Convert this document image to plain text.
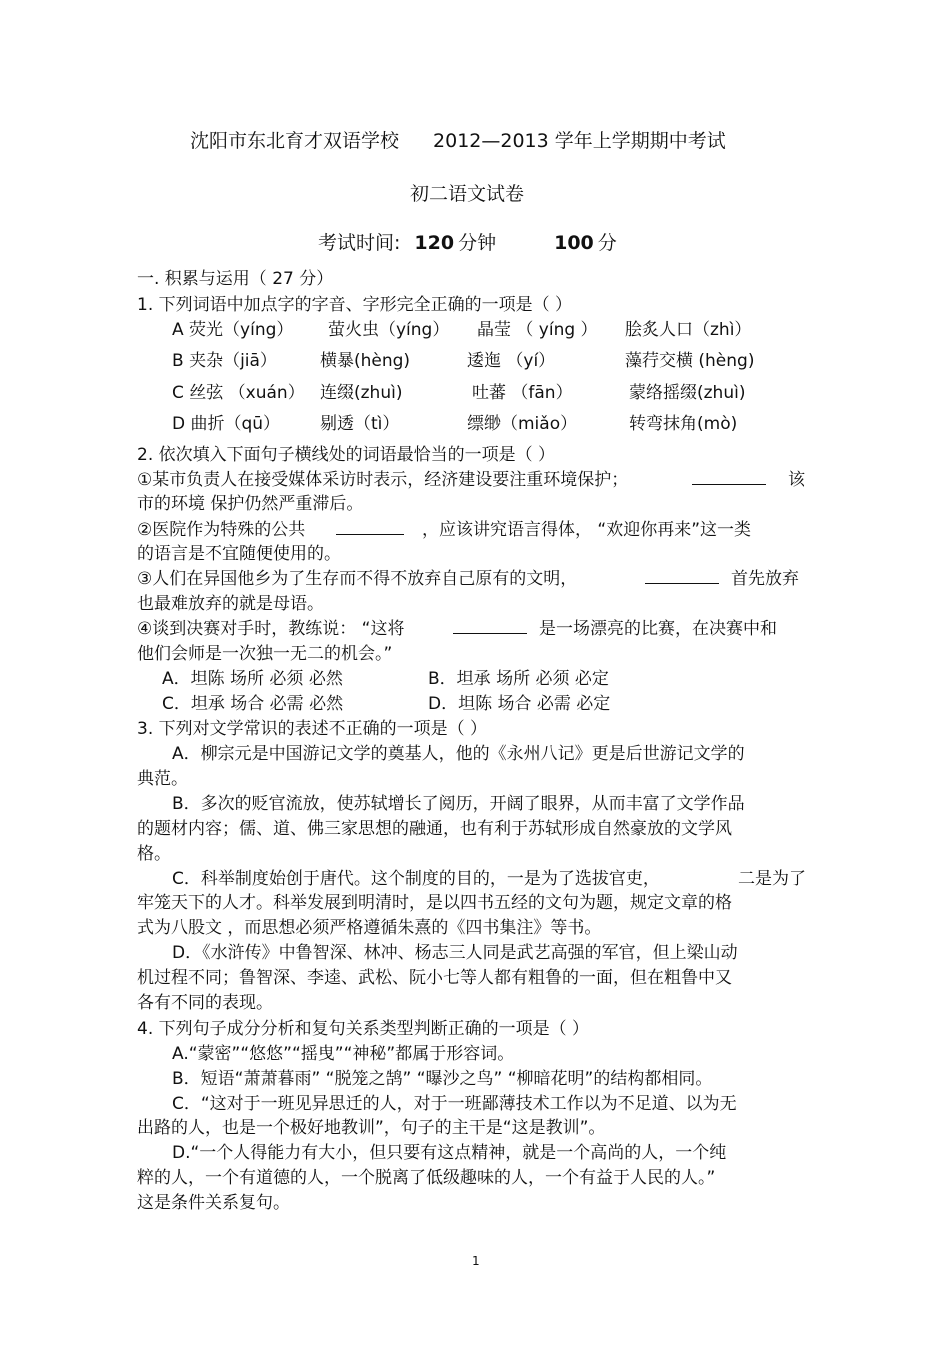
沈阳市东北育才双语学校 2012—2013 学年上学期期中考试
初二语文试卷
考试时间: 120 分钟	100 分
一. 积累与运用（ 27 分）
1. 下列词语中加点字的字音、字形完全正确的一项是（ ）
A 荧光（yíng） 萤火虫（yíng） 晶莹 （ yíng ） 脍炙人口（zhì）
B 夹杂（jiā）	横暴(hèng)	逶迤 （yí）	藻荇交横 (hèng)
C 丝弦 （xuán） 连缀(zhuì)	吐蕃 （fān）	蒙络摇缀(zhuì)
D 曲折（qū） 剔透（tì）	缥缈（miǎo）	转弯抹角(mò)
2. 依次填入下面句子横线处的词语最恰当的一项是（ ）
①某市负责人在接受媒体采访时表示，经济建设要注重环境保护；	该
市的环境 保护仍然严重滞后。
②医院作为特殊的公共	，应该讲究语言得体， “欢迎你再来”这一类
的语言是不宜随便使用的。
③人们在异国他乡为了生存而不得不放弃自己原有的文明，	首先放弃
也最难放弃的就是母语。
④谈到决赛对手时，教练说： “这将	是一场漂亮的比赛，在决赛中和
他们会师是一次独一无二的机会。”
A．坦陈 场所 必须 必然	B．坦承 场所 必须 必定
C．坦承 场合 必需 必然	D．坦陈 场合 必需 必定
3. 下列对文学常识的表述不正确的一项是（ ）
A．柳宗元是中国游记文学的奠基人，他的《永州八记》更是后世游记文学的
典范。
B．多次的贬官流放，使苏轼增长了阅历，开阔了眼界，从而丰富了文学作品
的题材内容；儒、道、佛三家思想的融通，也有利于苏轼形成自然豪放的文学风
格。
C．科举制度始创于唐代。这个制度的目的，一是为了选拔官吏，	二是为了
牢笼天下的人才。科举发展到明清时，是以四书五经的文句为题，规定文章的格
式为八股文 ，而思想必须严格遵循朱熹的《四书集注》等书。
D．《水浒传》中鲁智深、林冲、杨志三人同是武艺高强的军官，但上梁山动
机过程不同；鲁智深、李逵、武松、阮小七等人都有粗鲁的一面，但在粗鲁中又
各有不同的表现。
4. 下列句子成分分析和复句关系类型判断正确的一项是（ ）
A.“蒙密”“悠悠”“摇曳”“神秘”都属于形容词。
B．短语“萧萧暮雨” “脱笼之鹄” “曝沙之鸟” “柳暗花明”的结构都相同。
C．“这对于一班见异思迁的人，对于一班鄙薄技术工作以为不足道、以为无
出路的人，也是一个极好地教训”，句子的主干是“这是教训”。
D.“一个人得能力有大小，但只要有这点精神，就是一个高尚的人，一个纯
粹的人，一个有道德的人，一个脱离了低级趣味的人，一个有益于人民的人。”
这是条件关系复句。
1
